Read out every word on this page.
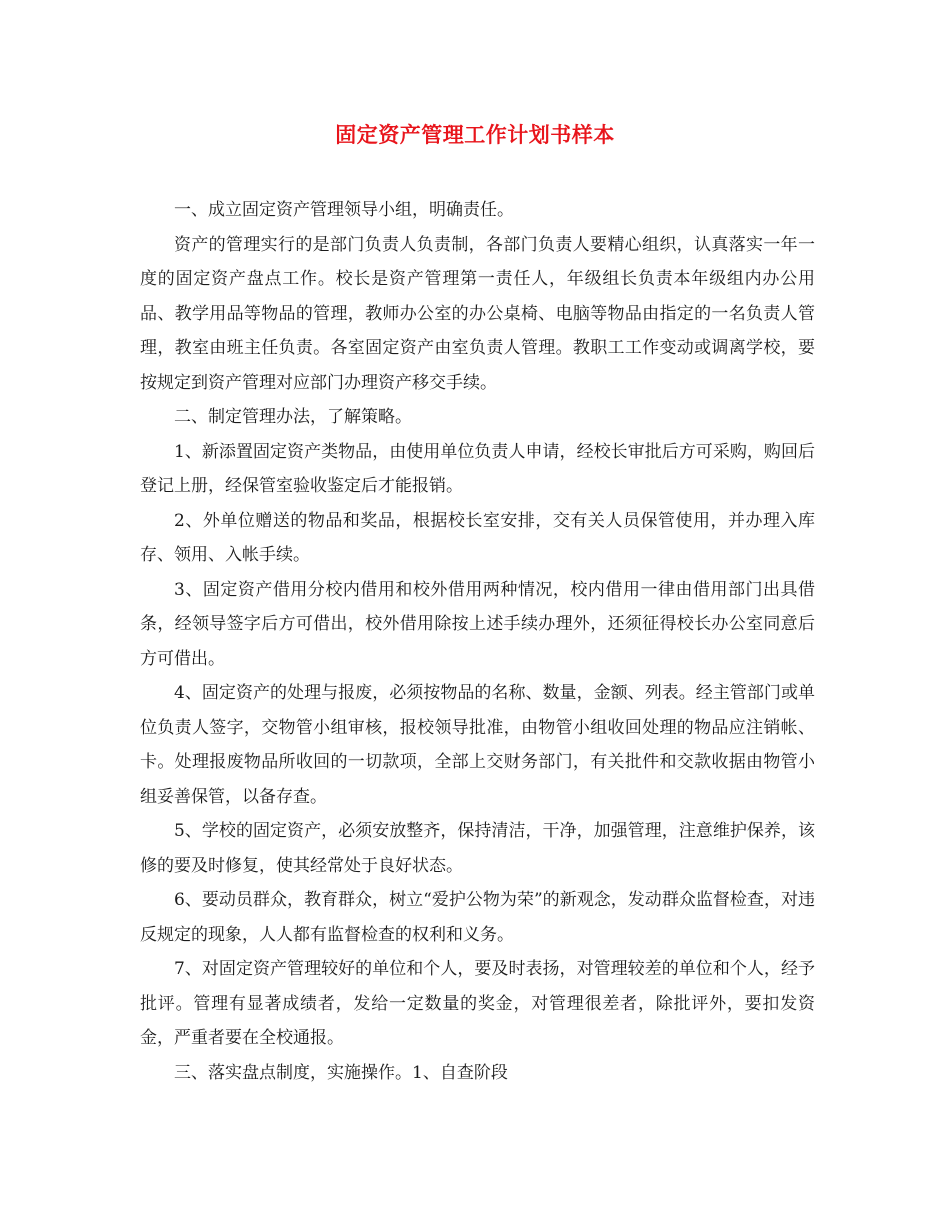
固定资产管理工作计划书样本

一、成立固定资产管理领导小组，明确责任。

资产的管理实行的是部门负责人负责制，各部门负责人要精心组织，认真落实一年一度的固定资产盘点工作。校长是资产管理第一责任人，年级组长负责本年级组内办公用品、教学用品等物品的管理，教师办公室的办公桌椅、电脑等物品由指定的一名负责人管理，教室由班主任负责。各室固定资产由室负责人管理。教职工工作变动或调离学校，要按规定到资产管理对应部门办理资产移交手续。

二、制定管理办法，了解策略。

1、新添置固定资产类物品，由使用单位负责人申请，经校长审批后方可采购，购回后登记上册，经保管室验收鉴定后才能报销。

2、外单位赠送的物品和奖品，根据校长室安排，交有关人员保管使用，并办理入库存、领用、入帐手续。

3、固定资产借用分校内借用和校外借用两种情况，校内借用一律由借用部门出具借条，经领导签字后方可借出，校外借用除按上述手续办理外，还须征得校长办公室同意后方可借出。

4、固定资产的处理与报废，必须按物品的名称、数量，金额、列表。经主管部门或单位负责人签字，交物管小组审核，报校领导批准，由物管小组收回处理的物品应注销帐、卡。处理报废物品所收回的一切款项，全部上交财务部门，有关批件和交款收据由物管小组妥善保管，以备存查。

5、学校的固定资产，必须安放整齐，保持清洁，干净，加强管理，注意维护保养，该修的要及时修复，使其经常处于良好状态。

6、要动员群众，教育群众，树立“爱护公物为荣”的新观念，发动群众监督检查，对违反规定的现象，人人都有监督检查的权利和义务。

7、对固定资产管理较好的单位和个人，要及时表扬，对管理较差的单位和个人，经予批评。管理有显著成绩者，发给一定数量的奖金，对管理很差者，除批评外，要扣发资金，严重者要在全校通报。

三、落实盘点制度，实施操作。1、自查阶段
